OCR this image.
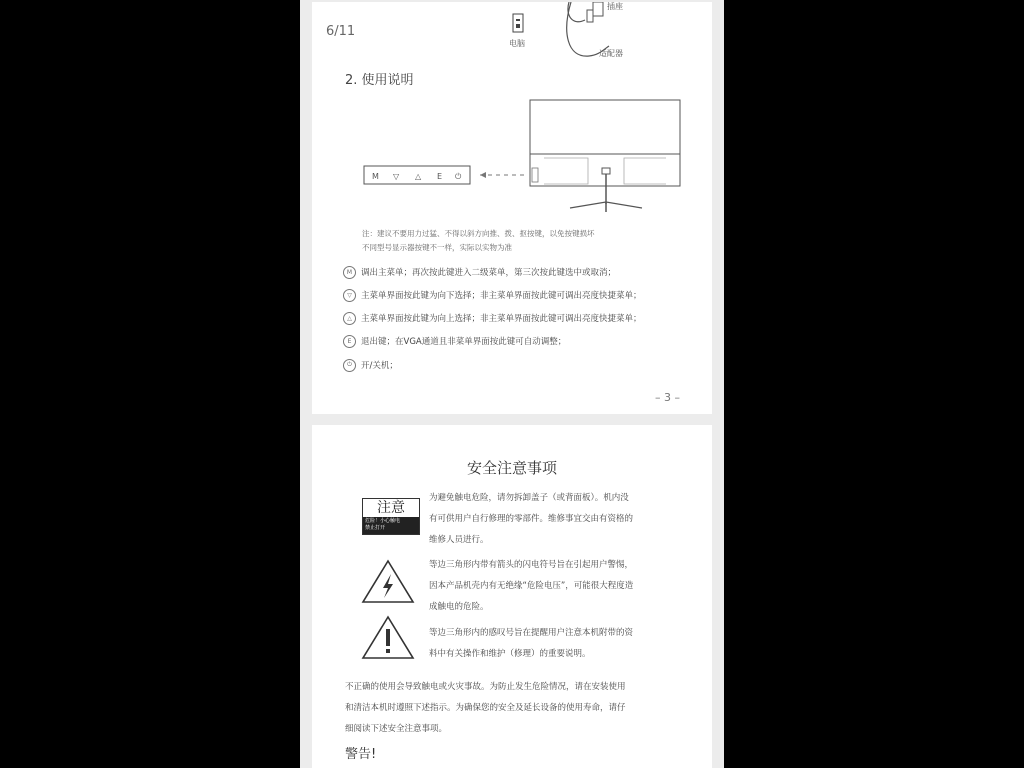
6/11
电脑
插座
适配器
2. 使用说明
M ▽ △ E ⏻
注：建议不要用力过猛、不得以斜方向推、拨、抠按键，以免按键损坏
不同型号显示器按键不一样，实际以实物为准
M	调出主菜单；再次按此键进入二级菜单，第三次按此键选中或取消；
▽	主菜单界面按此键为向下选择；非主菜单界面按此键可调出亮度快捷菜单；
△	主菜单界面按此键为向上选择；非主菜单界面按此键可调出亮度快捷菜单；
E	退出键；在VGA通道且非菜单界面按此键可自动调整；
⏻	开/关机；
– 3 –
安全注意事项
注意
危险！小心触电
禁止打开
为避免触电危险，请勿拆卸盖子（或背面板）。机内没
有可供用户自行修理的零部件。维修事宜交由有资格的
维修人员进行。
等边三角形内带有箭头的闪电符号旨在引起用户警惕，
因本产品机壳内有无绝缘“危险电压”，可能很大程度造
成触电的危险。
等边三角形内的感叹号旨在提醒用户注意本机附带的资
料中有关操作和维护（修理）的重要说明。
不正确的使用会导致触电或火灾事故。为防止发生危险情况，请在安装使用
和清洁本机时遵照下述指示。为确保您的安全及延长设备的使用寿命，请仔
细阅读下述安全注意事项。
警告!
